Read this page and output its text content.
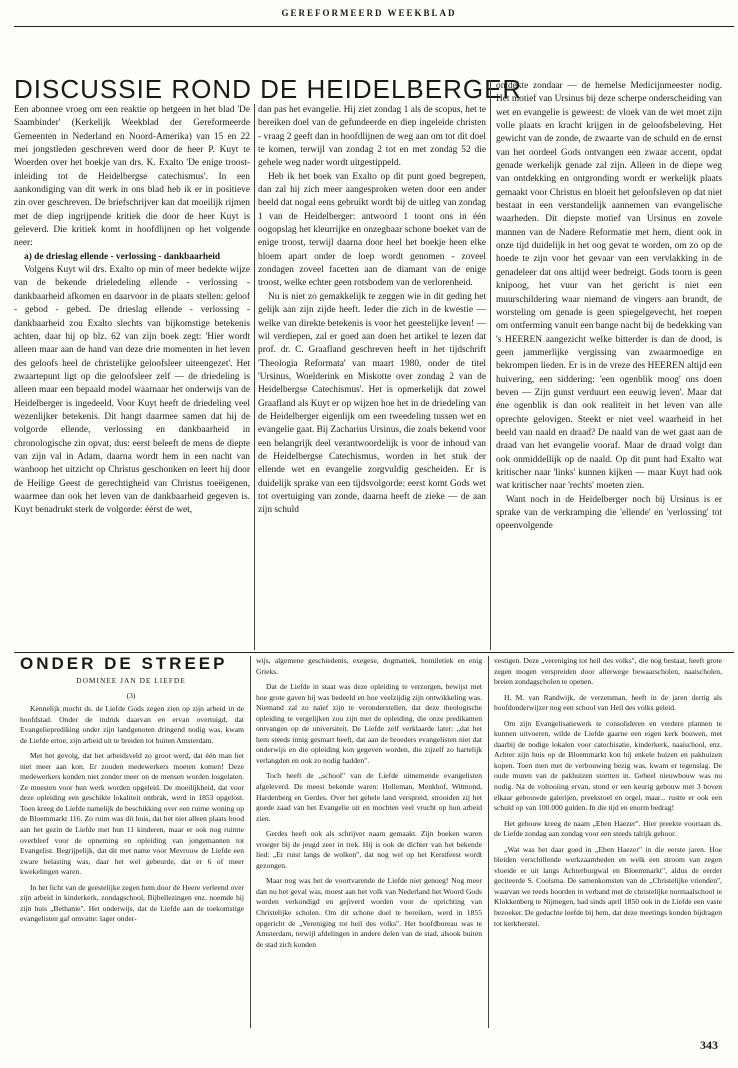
GEREFORMEERD WEEKBLAD
DISCUSSIE ROND DE HEIDELBERGER

Een abonnee vroeg om een reaktie op hetgeen in het blad 'De Saambinder' (Kerkelijk Weekblad der Gereformeerde Gemeenten in Nederland en Noord-Amerika) van 15 en 22 mei jongstleden geschreven werd door de heer P. Kuyt te Woerden over het boekje van drs. K. Exalto 'De enige troost-inleiding tot de Heidelbergse catechismus'. In een aankondiging van dit werk in ons blad heb ik er in positieve zin over geschreven. De briefschrijver kan dat moeilijk rijmen met de diep ingrijpende kritiek die door de heer Kuyt is geleverd. Die kritiek komt in hoofdlijnen op het volgende neer:

a) de drieslag ellende - verlossing - dankbaarheid

Volgens Kuyt wil drs. Exalto op min of meer bedekte wijze van de bekende drieledeling ellende - verlossing - dankbaarheid afkomen en daarvoor in de plaats stellen: geloof - gebod - gebed. De drieslag ellende - verlossing - dankbaarheid zou Exalto slechts van bijkomstige betekenis achten, daar hij op blz. 62 van zijn boek zegt: 'Hier wordt alleen maar aan de hand van deze drie momenten in het leven des geloofs heel de christelijke geloofsleer uiteengezet'. Het zwaartepunt ligt op die geloofsleer zelf — de driedeling is alleen maar een bepaald model waarnaar het onderwijs van de Heidelberger is ingedeeld. Voor Kuyt heeft de driedeling veel wezenlijker betekenis. Dit hangt daarmee samen dat hij de volgorde ellende, verlossing en dankbaarheid in chronologische zin opvat, dus: eerst beleeft de mens de diepte van zijn val in Adam, daarna wordt hem in een nacht van wanhoop het uitzicht op Christus geschonken en leert hij door de Heilige Geest de gerechtigheid van Christus toeëigenen, waarmee dan ook het leven van de dankbaarheid gegeven is. Kuyt benadrukt sterk de volgorde: éérst de wet,

dan pas het evangelie. Hij ziet zondag 1 als de scopus, het te bereiken doel van de gefundeerde en diep ingeleide christen - vraag 2 geeft dan in hoofdlijnen de weg aan om tot dit doel te komen, terwijl van zondag 2 tot en met zondag 52 die gehele weg nader wordt uitgestippeld.

Heb ik het boek van Exalto op dit punt goed begrepen, dan zal hij zich meer aangesproken weten door een ander beeld dat nogal eens gebruikt wordt bij de uitleg van zondag 1 van de Heidelberger: antwoord 1 toont ons in één oogopslag het kleurrijke en onzegbaar schone boeket van de enige troost, terwijl daarna door heel het boekje heen elke bloem apart onder de loep wordt genomen - zoveel zondagen zoveel facetten aan de diamant van de enige troost, welke echter geen rotsbodem van de verlorenheid.

Nu is niet zo gemakkelijk te zeggen wie in dit geding het gelijk aan zijn zijde heeft. Ieder die zich in de kwestie — welke van direkte betekenis is voor het geestelijke leven! — wil verdiepen, zal er goed aan doen het artikel te lezen dat prof. dr. C. Graafland geschreven heeft in het tijdschrift 'Theologia Reformata' van maart 1980, onder de titel 'Ursinus, Woelderink en Miskotte over zondag 2 van de Heidelbergse Catechismus'. Het is opmerkelijk dat zowel Graafland als Kuyt er op wijzen hoe het in de driedeling van de Heidelberger eigenlijk om een tweedeling tussen wet en evangelie gaat. Bij Zacharius Ursinus, die zoals bekend voor een belangrijk deel verantwoordelijk is voor de inhoud van de Heidelbergse Catechismus, worden in het stuk der ellende wet en evangelie zorgvuldig gescheiden. Er is duidelijk sprake van een tijdsvolgorde: eerst komt Gods wet tot overtuiging van zonde, daarna heeft de zieke — de aan zijn schuld

ontdekte zondaar — de hemelse Medicijnmeester nodig. Het motief van Ursinus bij deze scherpe onderscheiding van wet en evangelie is geweest: de vloek van de wet moet zijn volle plaats en kracht krijgen in de geloofsbeleving. Het gewicht van de zonde, de zwaarte van de schuld en de ernst van het oordeel Gods ontvangen een zwaar accent, opdat genade werkelijk genade zal zijn. Alleen in de diepe weg van ontdekking en ontgronding wordt er werkelijk plaats gemaakt voor Christus en bloeit het geloofsleven op dat niet bestaat in een verstandelijk aannemen van evangelische waarheden. Dit diepste motief van Ursinus en zovele mannen van de Nadere Reformatie met hem, dient ook in onze tijd duidelijk in het oog gevat te worden, om zo op de hoede te zijn voor het gevaar van een vervlakking in de genadeleer dat ons altijd weer bedreigt. Gods toorn is geen knipoog, het vuur van het gericht is niet een muurschildering waar niemand de vingers aan brandt, de worsteling om genade is geen spiegelgevecht, het roepen om ontferming vanuit een bange nacht bij de bedekking van 's HEEREN aangezicht welke bitterder is dan de dood, is geen jammerlijke vergissing van zwaarmoedige en bekrompen lieden. Er is in de vreze des HEEREN altijd een huivering, een siddering: 'een ogenblik moog' ons doen beven — Zijn gunst verduurt een eeuwig leven'. Maar dat éne ogenblik is dan ook realiteit in het leven van alle oprechte gelovigen. Steekt er niet veel waarheid in het beeld van naald en draad? De naald van de wet gaat aan de draad van het evangelie vooraf. Maar de draad volgt dan ook onmiddellijk op de naald. Op dit punt had Exalto wat kritischer naar 'links' kunnen kijken — maar Kuyt had ook wat kritischer naar 'rechts' moeten zien.

Want noch in de Heidelberger noch bij Ursinus is er sprake van de verkramping die 'ellende' en 'verlossing' tot opeenvolgende

ONDER DE STREEP
DOMINEE JAN DE LIEFDE
(3)

Kennelijk mocht ds. de Liefde Gods zegen zien op zijn arbeid in de hoofdstad. Onder de indruk daarvan en ervan overtuigd, dat Evangelieprediking onder zijn landgenoten dringend nodig was, kwam de Liefde ertoe, zijn arbeid uit te breiden tot buiten Amsterdam.

Met het gevolg, dat het arbeidsveld zo groot werd, dat één man het niet meer aan kon. Er zouden medewerkers moeten komen! Deze medewerkers konden niet zonder meer on de mensen worden losgelaten. Ze moesten voor hun werk worden opgeleid. De moeilijkheid, dat voor deze opleiding een geschikte lokaliteit ontbrak, werd in 1853 opgelost. Toen kreeg de Liefde namelijk de beschikking over een ruime woning op de Bloemmarkt 116. Zo ruim was dit huis, dat het niet alleen plaats bood aan het gezin de Liefde met hun 11 kinderen, maar er ook nog ruimte overbleef voor de opneming en opleiding van jongemannen tot Evangelist. Begrijpelijk, dat dit met name voor Mevrouw de Liefde een zware belasting was, daar het wel gebeurde, dat er 6 of meer kwekelingen waren.

In het licht van de geestelijke zegen hem door de Heere verleend over zijn arbeid in kinderkerk, zondagschool, Bijbellezingen enz. noemde hij zijn huis „Bethanie". Het onderwijs, dat de Liefde aan de toekomstige evangelisten gaf omvatte: lager onder-

wijs, algemene geschiedenis, exegese, dogmatiek, homiletiek en enig Grieks.

Dat de Liefde in staat was deze opleiding te verzorgen, bewijst met hoe grote gaven hij was bedeeld en hoe veelzijdig zijn ontwikkeling was. Niemand zal zo naïef zijn te veronderstellen, dat deze theologische opleiding te vergelijken zou zijn met de opleiding, die onze predikanten ontvangen op de universiteit. De Liefde zelf verklaarde later: „dat het hem steeds innig gesmart heeft, dat aan de broeders evangelisten niet dat onderwijs en die opleiding kon gegeven worden, die zijzelf zo hartelijk verlangden en ook zo nodig hadden".

Toch heeft de „school" van de Liefde uitnemende evangelisten afgeleverd. De meest bekende waren: Holleman, Menkhof, Witmond, Hardenberg en Gerdes. Over het gehele land verspreid, strooiden zij het goede zaad van het Evangelie uit en mochten veel vrucht op hun arbeid zien.

Gerdes heeft ook als schrijver naam gemaakt. Zijn boeken waren vroeger bij de jeugd zeer in trek. Hij is ook de dichter van het bekende lied: „Er ruist langs de wolken", dat nog wel op het Kerstfeest wordt gezongen.

Maar nog was het de voortvarende de Liefde niet genoeg! Nog meer dan nu het geval was, moest aan het volk van Nederland het Woord Gods worden verkondigd en gejiverd worden voor de oprichting van Christelijke scholen. Om dit schone doel te bereiken, werd in 1855 opgericht de „Vereniging tot heil des volks". Het hoofdbureau was te Amsterdam, terwijl afdelingen in andere delen van de stad, alsook buiten de stad zich konden

vestigen. Deze „vereniging tot heil des volks", die nog bestaat, heeft grote zegen mogen verspreiden door allerwege bewaarscholen, naaischolen, breien zondagscholen te openen.

H. M. van Randwijk, de verzetsman, heeft in de jaren dertig als hoofdonderwijzer nog een school van Heil des volks geleid.

Om zijn Evangelisatiewerk te consolideren en verdere plannen te kunnen uitvoeren, wilde de Liefde gaarne een eigen kerk bouwen, met daarbij de nodige lokalen voor catechisatie, kinderkerk, naaischool, enz. Achter zijn huis op de Bloemmarkt kon hij enkele huizen en pakhuizen kopen. Toen men met de verbouwing bezig was, kwam er tegenslag. De oude muren van de pakhuizen stortten in. Geheel nieuwbouw was nu nodig. Na de voltooiing ervan, stond er een keurig gebouw met 3 boven elkaar gebouwde galerijen, preekstoel en orgel, maar... rustte er ook een schuld op van 100.000 gulden. In die tijd en enorm bedrag!

Het gebouw kreeg de naam „Eben Haezer". Hier preekte voortaan ds. de Liefde zondag aan zondag voor een steeds talrijk gehoor.

„Wat was het daar goed in „Eben Haezer" in die eerste jaren. Hoe bleiden verschillende werkzaamheden en welk een stroom van zegen vloeide er uit langs Achterburgwal en Bloemmarkt", aldus de eerder geciteerde S. Coolsma. De samenkomsten van de „Christelijke vrienden", waarvan we reeds hoorden in verband met de christelijke normaalschool te Klokkenberg te Nijmegen, had sinds april 1850 ook in de Liefde een vaste bezoeker. De gedachte leefde bij hem, dat deze meetings konden bijdragen tot kerkherstel.

343
